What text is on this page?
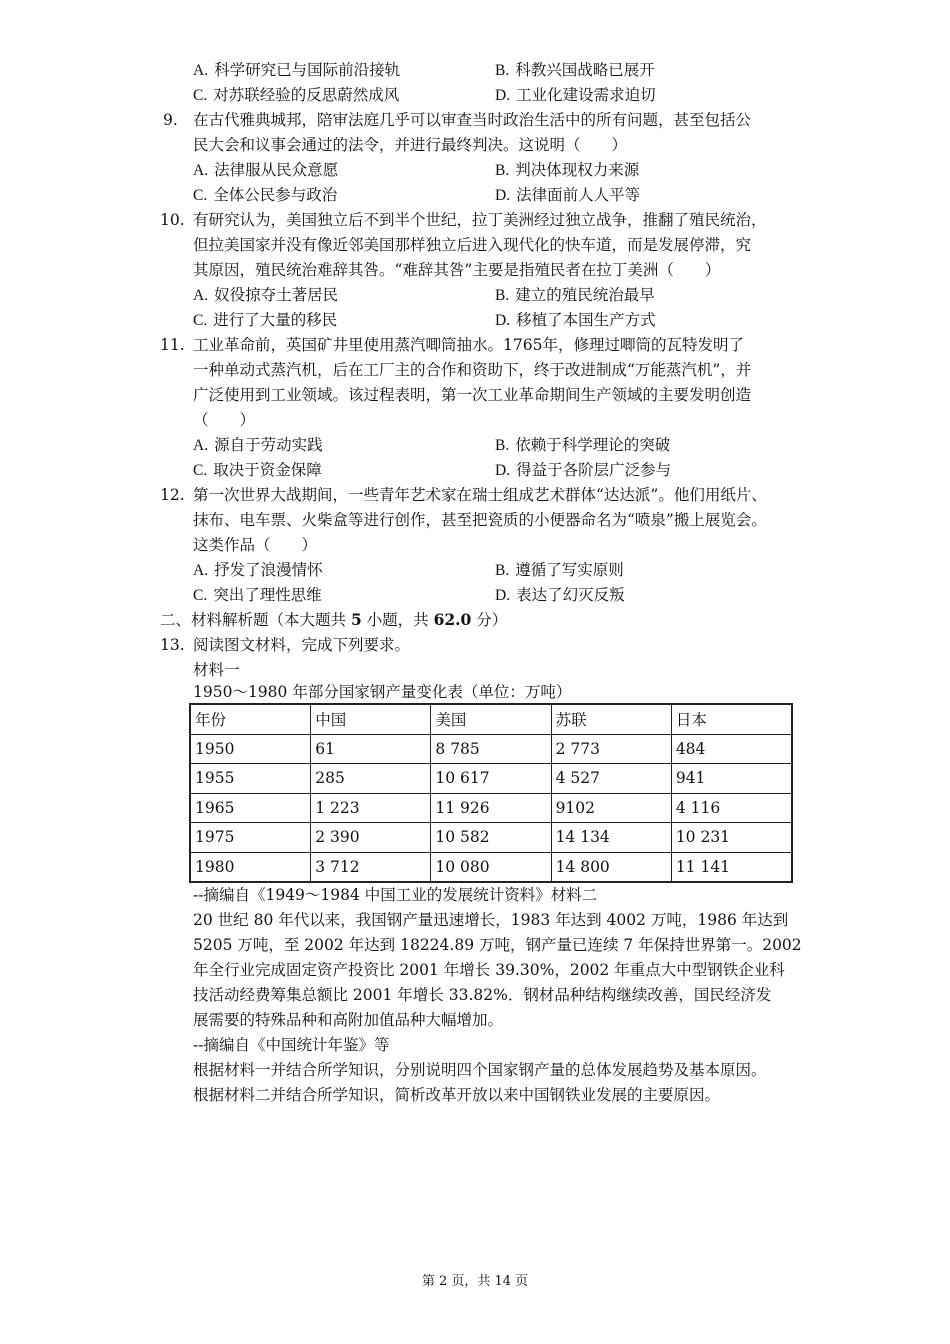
A. 科学研究已与国际前沿接轨	B. 科教兴国战略已展开
C. 对苏联经验的反思蔚然成风	D. 工业化建设需求迫切
9. 在古代雅典城邦，陪审法庭几乎可以审查当时政治生活中的所有问题，甚至包括公
民大会和议事会通过的法令，并进行最终判决。这说明（　　）
A. 法律服从民众意愿	B. 判决体现权力来源
C. 全体公民参与政治	D. 法律面前人人平等
10. 有研究认为，美国独立后不到半个世纪，拉丁美洲经过独立战争，推翻了殖民统治，
但拉美国家并没有像近邻美国那样独立后进入现代化的快车道，而是发展停滞，究
其原因，殖民统治难辞其咎。“难辞其咎”主要是指殖民者在拉丁美洲（　　）
A. 奴役掠夺土著居民	B. 建立的殖民统治最早
C. 进行了大量的移民	D. 移植了本国生产方式
11. 工业革命前，英国矿井里使用蒸汽唧筒抽水。1765年，修理过唧筒的瓦特发明了
一种单动式蒸汽机，后在工厂主的合作和资助下，终于改进制成“万能蒸汽机”，并
广泛使用到工业领域。该过程表明，第一次工业革命期间生产领域的主要发明创造
（　　）
A. 源自于劳动实践	B. 依赖于科学理论的突破
C. 取决于资金保障	D. 得益于各阶层广泛参与
12. 第一次世界大战期间，一些青年艺术家在瑞士组成艺术群体“达达派”。他们用纸片、
抹布、电车票、火柴盒等进行创作，甚至把瓷质的小便器命名为“喷泉”搬上展览会。
这类作品（　　）
A. 抒发了浪漫情怀	B. 遵循了写实原则
C. 突出了理性思维	D. 表达了幻灭反叛
二、材料解析题（本大题共 5 小题，共 62.0 分）
13. 阅读图文材料，完成下列要求。
材料一
1950～1980 年部分国家钢产量变化表（单位：万吨）
年份	中国	美国	苏联	日本
1950	61	8 785	2 773	484
1955	285	10 617	4 527	941
1965	1 223	11 926	9102	4 116
1975	2 390	10 582	14 134	10 231
1980	3 712	10 080	14 800	11 141
--摘编自《1949～1984 中国工业的发展统计资料》材料二
20 世纪 80 年代以来，我国钢产量迅速增长，1983 年达到 4002 万吨，1986 年达到
5205 万吨，至 2002 年达到 18224.89 万吨，钢产量已连续 7 年保持世界第一。2002
年全行业完成固定资产投资比 2001 年增长 39.30%，2002 年重点大中型钢铁企业科
技活动经费筹集总额比 2001 年增长 33.82%．钢材品种结构继续改善，国民经济发
展需要的特殊品种和高附加值品种大幅增加。
--摘编自《中国统计年鉴》等
根据材料一并结合所学知识，分别说明四个国家钢产量的总体发展趋势及基本原因。
根据材料二并结合所学知识，简析改革开放以来中国钢铁业发展的主要原因。
第 2 页，共 14 页
